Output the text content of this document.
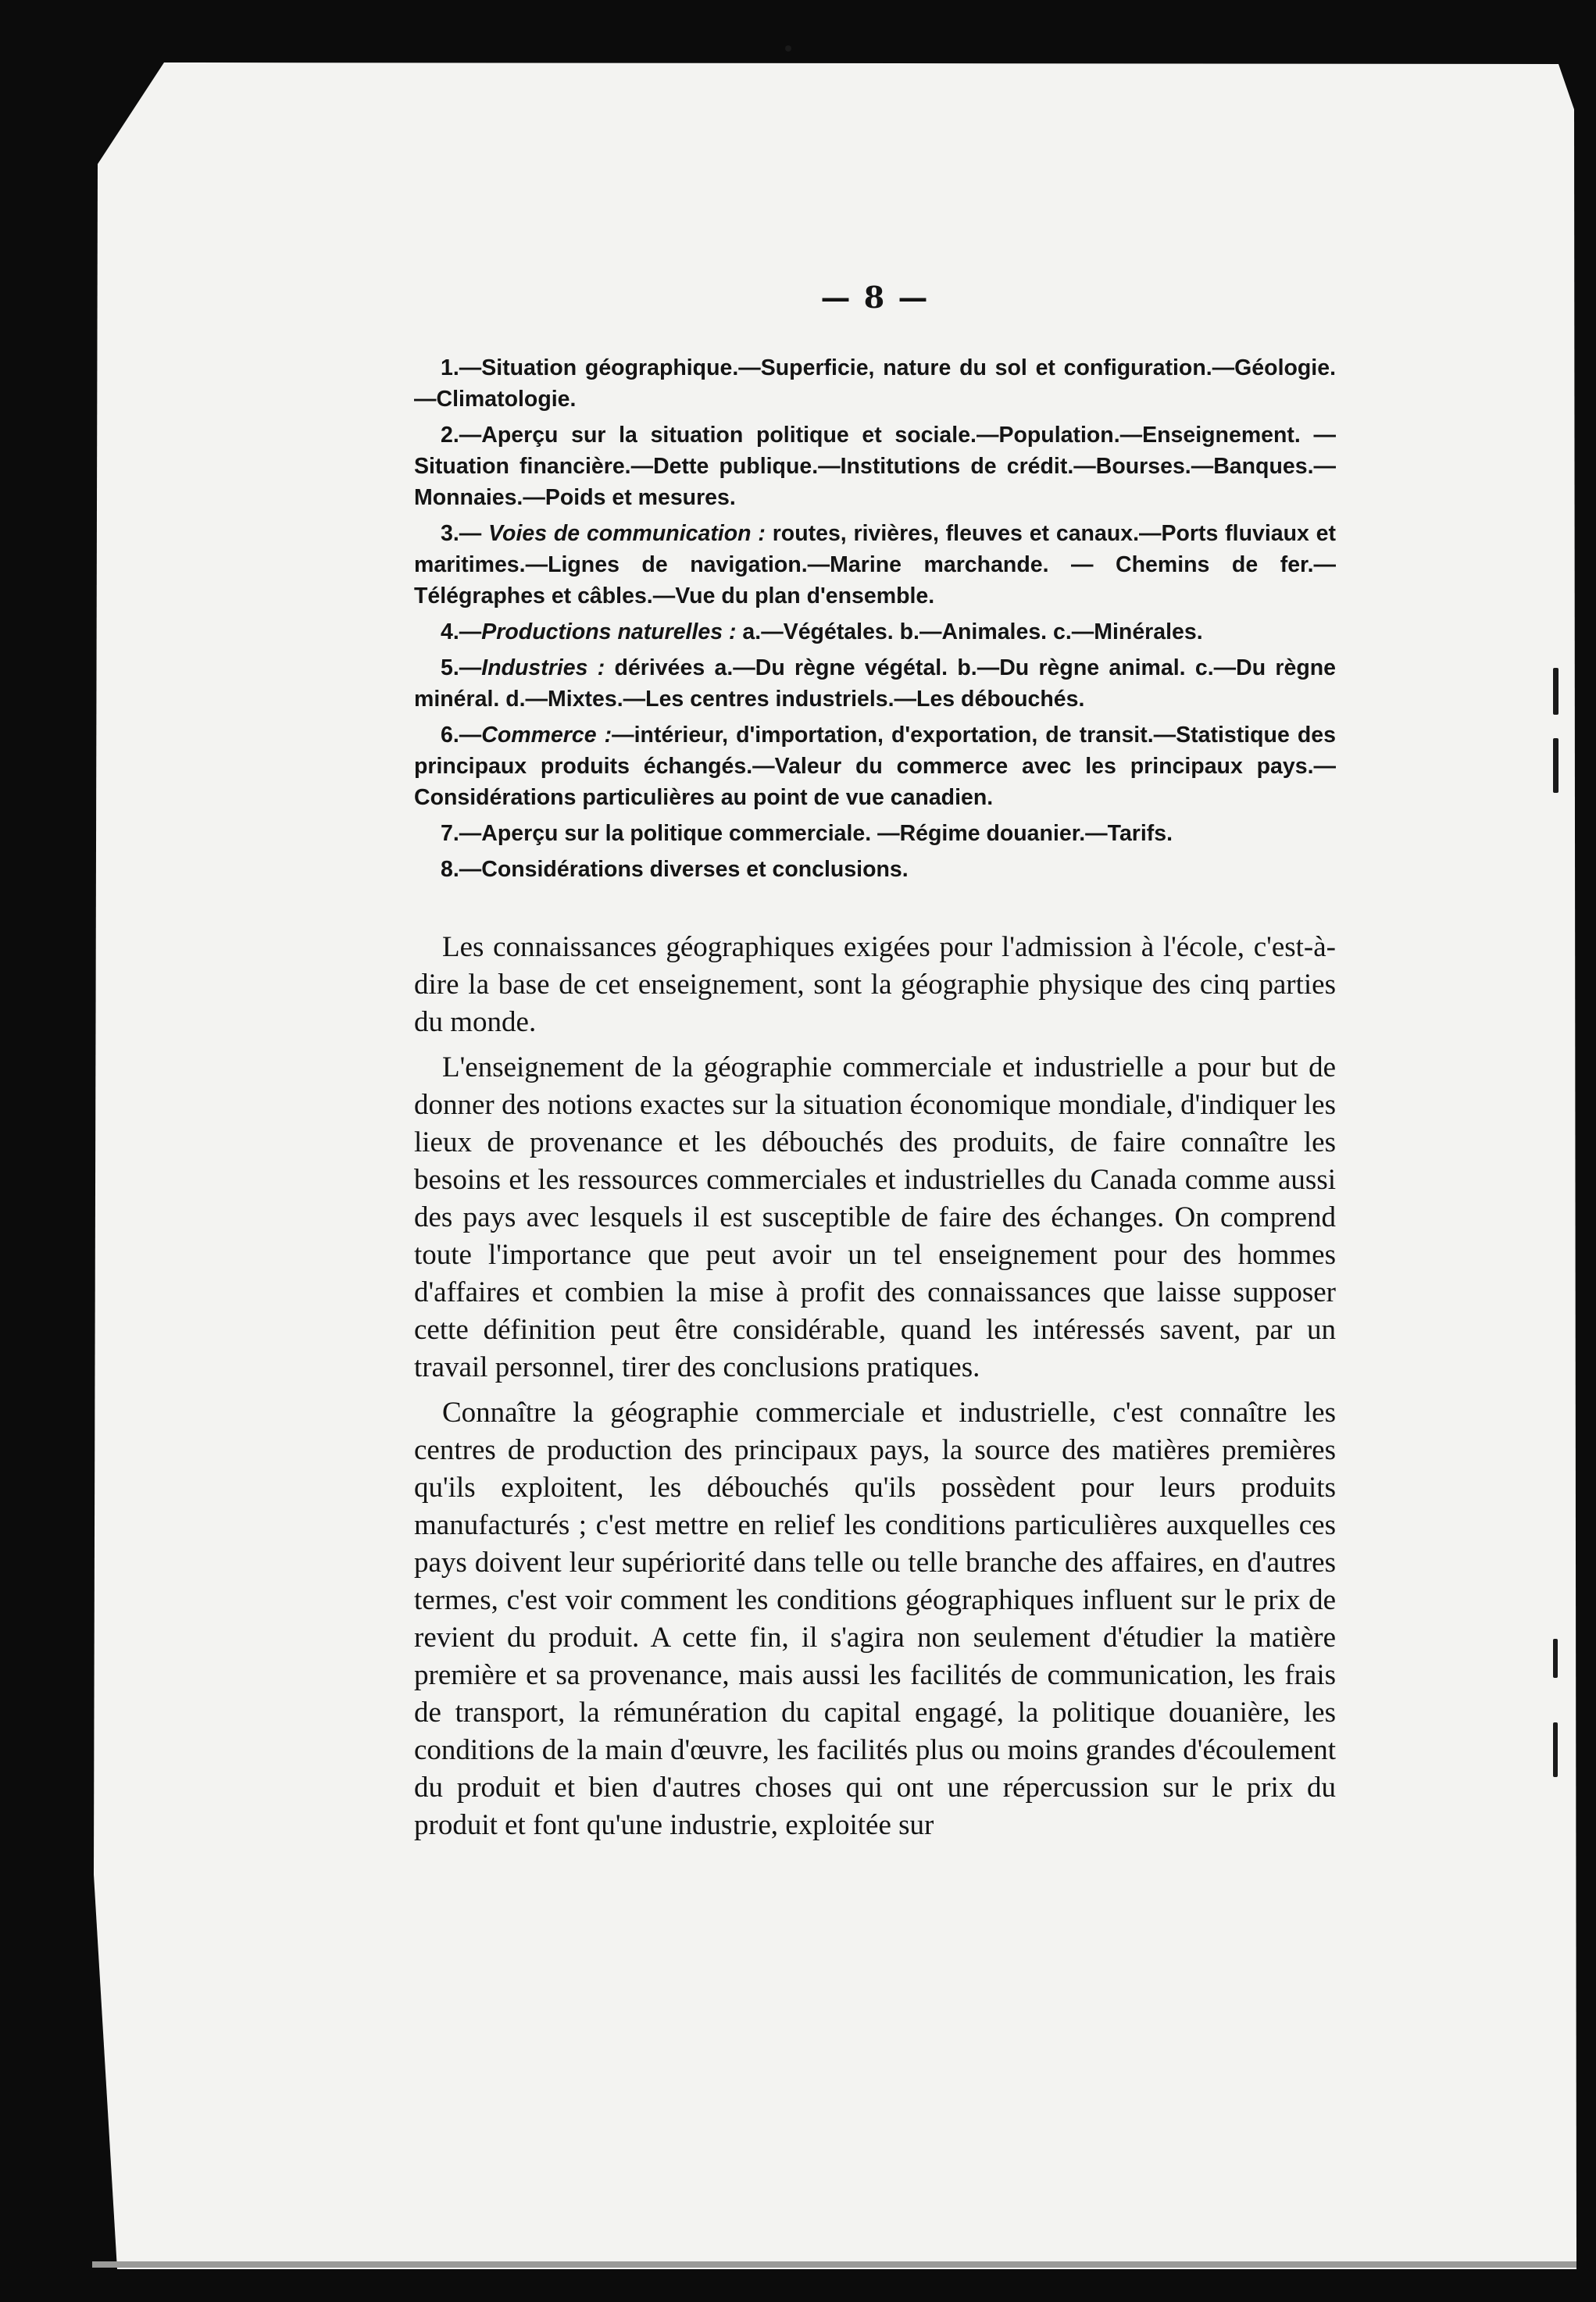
— 8 —
1.—Situation géographique.—Superficie, nature du sol et configuration.—Géologie.—Climatologie.
2.—Aperçu sur la situation politique et sociale.—Population.—Enseignement. — Situation financière.—Dette publique.—Institutions de crédit.—Bourses.—Banques.—Monnaies.—Poids et mesures.
3.— Voies de communication : routes, rivières, fleuves et canaux.—Ports fluviaux et maritimes.—Lignes de navigation.—Marine marchande. — Chemins de fer.—Télégraphes et câbles.—Vue du plan d'ensemble.
4.—Productions naturelles : a.—Végétales. b.—Animales. c.—Minérales.
5.—Industries : dérivées a.—Du règne végétal. b.—Du règne animal. c.—Du règne minéral. d.—Mixtes.—Les centres industriels.—Les débouchés.
6.—Commerce :—intérieur, d'importation, d'exportation, de transit.—Statistique des principaux produits échangés.—Valeur du commerce avec les principaux pays.—Considérations particulières au point de vue canadien.
7.—Aperçu sur la politique commerciale. —Régime douanier.—Tarifs.
8.—Considérations diverses et conclusions.

Les connaissances géographiques exigées pour l'admission à l'école, c'est-à-dire la base de cet enseignement, sont la géographie physique des cinq parties du monde.

L'enseignement de la géographie commerciale et industrielle a pour but de donner des notions exactes sur la situation économique mondiale, d'indiquer les lieux de provenance et les débouchés des produits, de faire connaître les besoins et les ressources commerciales et industrielles du Canada comme aussi des pays avec lesquels il est susceptible de faire des échanges. On comprend toute l'importance que peut avoir un tel enseignement pour des hommes d'affaires et combien la mise à profit des connaissances que laisse supposer cette définition peut être considérable, quand les intéressés savent, par un travail personnel, tirer des conclusions pratiques.

Connaître la géographie commerciale et industrielle, c'est connaître les centres de production des principaux pays, la source des matières premières qu'ils exploitent, les débouchés qu'ils possèdent pour leurs produits manufacturés ; c'est mettre en relief les conditions particulières auxquelles ces pays doivent leur supériorité dans telle ou telle branche des affaires, en d'autres termes, c'est voir comment les conditions géographiques influent sur le prix de revient du produit. A cette fin, il s'agira non seulement d'étudier la matière première et sa provenance, mais aussi les facilités de communication, les frais de transport, la rémunération du capital engagé, la politique douanière, les conditions de la main d'œuvre, les facilités plus ou moins grandes d'écoulement du produit et bien d'autres choses qui ont une répercussion sur le prix du produit et font qu'une industrie, exploitée sur
